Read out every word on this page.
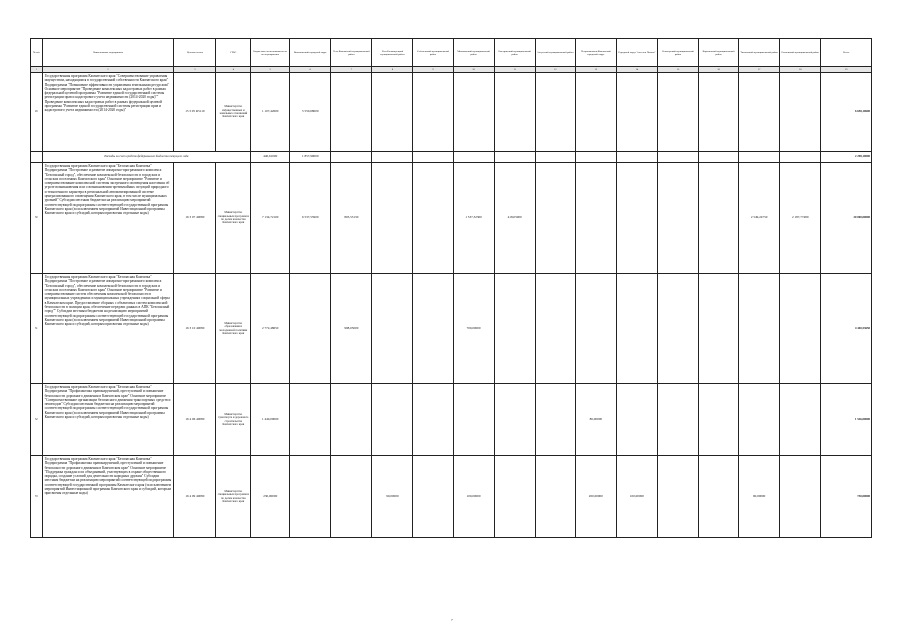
№ п/п	Наименование мероприятия	Целевая статья	ГРБС	Бюджетные ассигнования всего по мероприятию	Вилючинский городской округ	Усть-Камчатский муниципальный район	Усть-Большерецкий муниципальный район	Соболевский муниципальный район	Мильковский муниципальный район	Быстринский муниципальный район	Алеутский муниципальный район	Петропавловск-Камчатский городской округ	Городской округ "поселок Палана"	Олюторский муниципальный район	Карагинский муниципальный район	Тигильский муниципальный район	Елизовский муниципальный район	Всего
1	2	3	4	5	6	7	8	9	10	11	12	13	14	15	16	17	18	19
29	Государственная программа Камчатского края "Совершенствование управления имуществом, находящимся в государственной собственности Камчатского края" Подпрограмма "Повышение эффективности управления земельными ресурсами" Основное мероприятие "Проведение комплексных кадастровых работ в рамках федеральной целевой программы "Развитие единой государственной системы регистрации прав и кадастрового учета недвижимости (2014-2020 годы)"" Проведение комплексных кадастровых работ в рамках федеральной целевой программы "Развитие единой государственной системы регистрации прав и кадастрового учета недвижимости (2014-2020 годы)"	15 3 05 R5110	Министерство имущественных и земельных отношений Камчатского края	1 107,42600	5 550,68000													6 658,10600
	Расходы за счет средств федерального бюджета текущего года			440,61000	1 857,99000													2 298,10000
30	Государственная программа Камчатского края "Безопасная Камчатка" Подпрограмма "Построение и развитие аппаратно-программного комплекса "Безопасный город", обеспечение комплексной безопасности в городских и сельских поселениях Камчатского края" Основное мероприятие "Развитие и совершенствование комплексной системы экстренного оповещения населения об угрозе возникновения или о возникновении чрезвычайных ситуаций природного и техногенного характера в региональной автоматизированной системе централизованного оповещения Камчатского края, в том числе муниципальных уровней" Субсидии местным бюджетам на реализацию мероприятий соответствующей подпрограммы соответствующей государственной программы Камчатского края (за исключением мероприятий Инвестиционной программы Камчатского края и субсидий, которым присвоены отдельные коды)	16 3 07 40080	Министерство специальных программ и по делам казачества Камчатского края	7 134,72100	6 537,55900	803,53130			1 537,32300	418,05900						2 549,24750	2 187,77480	20 000,00000
31	Государственная программа Камчатского края "Безопасная Камчатка" Подпрограмма "Построение и развитие аппаратно-программного комплекса "Безопасный город", обеспечение комплексной безопасности в городских и сельских поселениях Камчатского края" Основное мероприятие "Развитие и совершенствование систем обеспечения комплексной безопасности в муниципальных учреждениях и муниципальных учреждениях социальной сферы в Камчатском крае. Предоставление сборных с объектовых систем комплексной безопасности в полиции края, обеспечение передачи данных в АПК "Безопасный город"" Субсидии местным бюджетам на реализацию мероприятий соответствующей подпрограммы соответствующей государственной программы Камчатского края (за исключением мероприятий Инвестиционной программы Камчатского края и субсидий, которым присвоены отдельные коды)	16 3 10 40080	Министерство образования и молодежной политики Камчатского края	2 772,48650		998,05000			700,00000									4 440,53650
32	Государственная программа Камчатского края "Безопасная Камчатка" Подпрограмма "Профилактика правонарушений, преступлений и повышение безопасности дорожного движения в Камчатском крае" Основное мероприятие "Совершенствование организации безопасного движения транспортных средств и пешеходов" Субсидии местным бюджетам на реализацию мероприятий соответствующей подпрограммы соответствующей государственной программы Камчатского края (за исключением мероприятий Инвестиционной программы Камчатского края и субсидий, которым присвоены отдельные коды)	16 4 06 40080	Министерство транспорта и дорожного строительства Камчатского края	1 440,00000								86,00000						1 526,00000
33	Государственная программа Камчатского края "Безопасная Камчатка" Подпрограмма "Профилактика правонарушений, преступлений и повышение безопасности дорожного движения в Камчатском крае" Основное мероприятие "Поддержка граждан и их объединений, участвующих в охране общественного порядка, создание условий для деятельности народных дружин" Субсидии местным бюджетам на реализацию мероприятий соответствующей подпрограммы соответствующей государственной программы Камчатского края (за исключением мероприятий Инвестиционной программы Камчатского края и субсидий, которым присвоены отдельные коды)	16 4 09 40080	Министерство специальных программ и по делам казачества Камчатского края	230,00000			90,00000		100,00000			200,00000	100,00000			90,00000		730,00000
7
